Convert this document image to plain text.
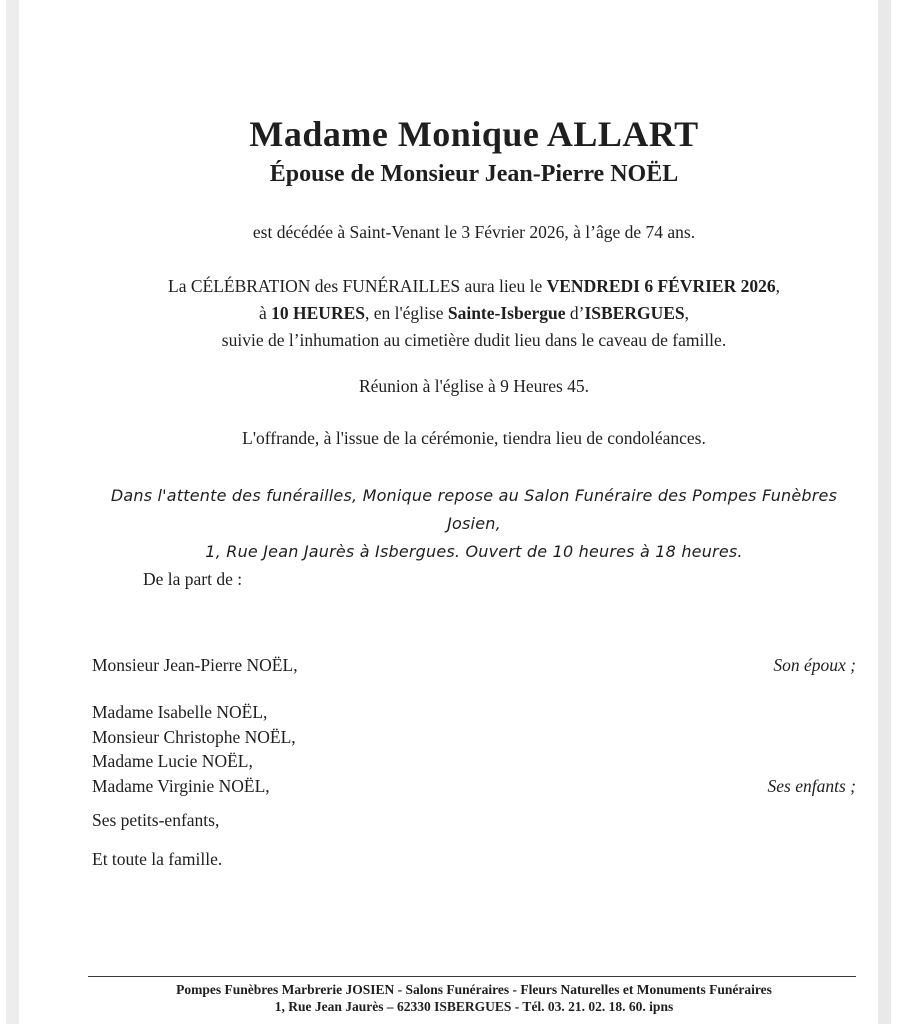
Madame Monique ALLART
Épouse de Monsieur Jean-Pierre NOËL
est décédée à Saint-Venant le 3 Février 2026, à l’âge de 74 ans.
La CÉLÉBRATION des FUNÉRAILLES aura lieu le VENDREDI 6 FÉVRIER 2026,
à 10 HEURES, en l'église Sainte-Isbergue d’ISBERGUES,
suivie de l’inhumation au cimetière dudit lieu dans le caveau de famille.
Réunion à l'église à 9 Heures 45.
L'offrande, à l'issue de la cérémonie, tiendra lieu de condoléances.
Dans l'attente des funérailles, Monique repose au Salon Funéraire des Pompes Funèbres Josien,
1, Rue Jean Jaurès à Isbergues. Ouvert de 10 heures à 18 heures.
De la part de :
Monsieur Jean-Pierre NOËL,	Son époux ;
Madame Isabelle NOËL,
Monsieur Christophe NOËL,
Madame Lucie NOËL,
Madame Virginie NOËL,	Ses enfants ;
Ses petits-enfants,
Et toute la famille.
Pompes Funèbres Marbrerie JOSIEN - Salons Funéraires - Fleurs Naturelles et Monuments Funéraires
1, Rue Jean Jaurès – 62330 ISBERGUES - Tél. 03. 21. 02. 18. 60. ipns
